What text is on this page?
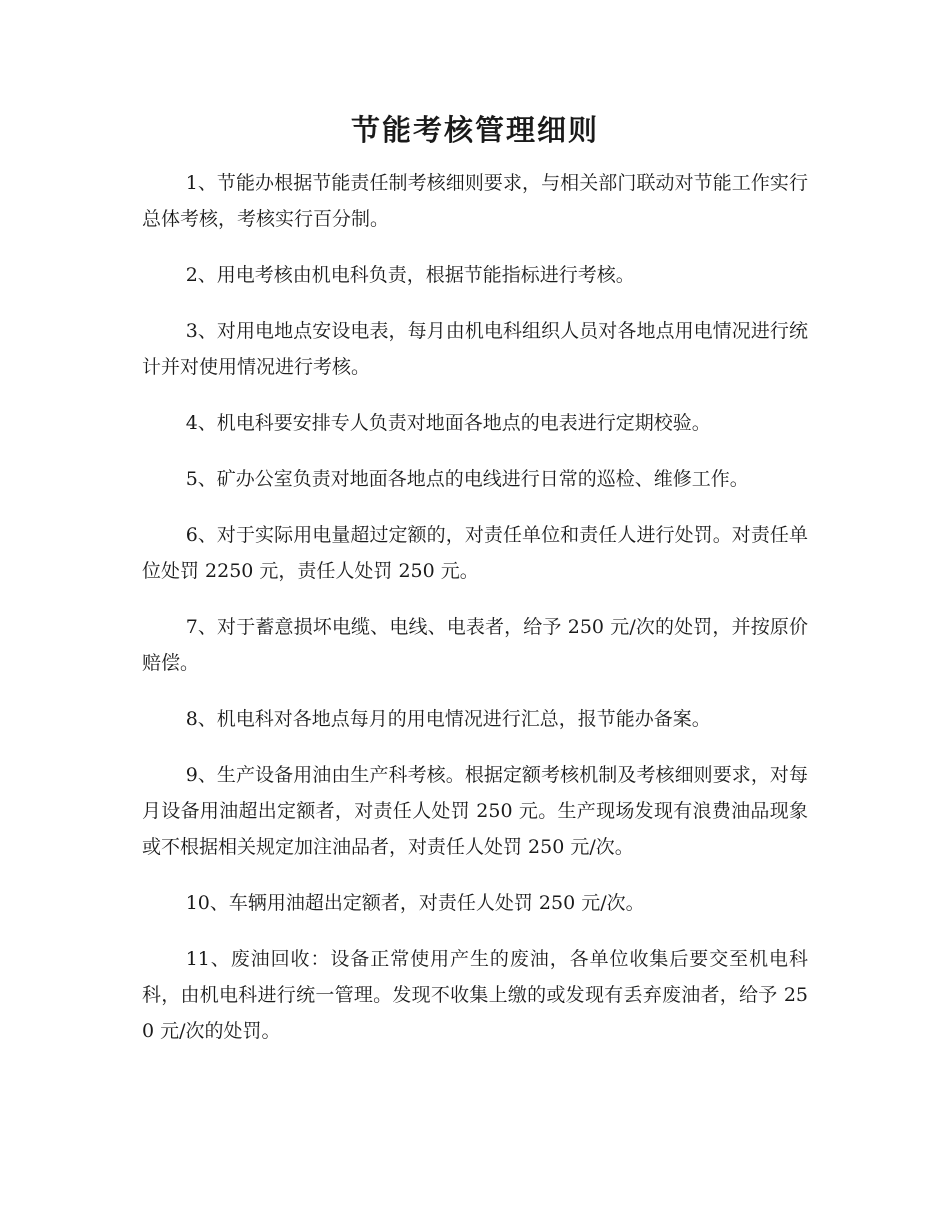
节能考核管理细则

1、节能办根据节能责任制考核细则要求，与相关部门联动对节能工作实行总体考核，考核实行百分制。

2、用电考核由机电科负责，根据节能指标进行考核。

3、对用电地点安设电表，每月由机电科组织人员对各地点用电情况进行统计并对使用情况进行考核。

4、机电科要安排专人负责对地面各地点的电表进行定期校验。

5、矿办公室负责对地面各地点的电线进行日常的巡检、维修工作。

6、对于实际用电量超过定额的，对责任单位和责任人进行处罚。对责任单位处罚 2250 元，责任人处罚 250 元。

7、对于蓄意损坏电缆、电线、电表者，给予 250 元/次的处罚，并按原价赔偿。

8、机电科对各地点每月的用电情况进行汇总，报节能办备案。

9、生产设备用油由生产科考核。根据定额考核机制及考核细则要求，对每月设备用油超出定额者，对责任人处罚 250 元。生产现场发现有浪费油品现象或不根据相关规定加注油品者，对责任人处罚 250 元/次。

10、车辆用油超出定额者，对责任人处罚 250 元/次。

11、废油回收：设备正常使用产生的废油，各单位收集后要交至机电科科，由机电科进行统一管理。发现不收集上缴的或发现有丢弃废油者，给予 250 元/次的处罚。
